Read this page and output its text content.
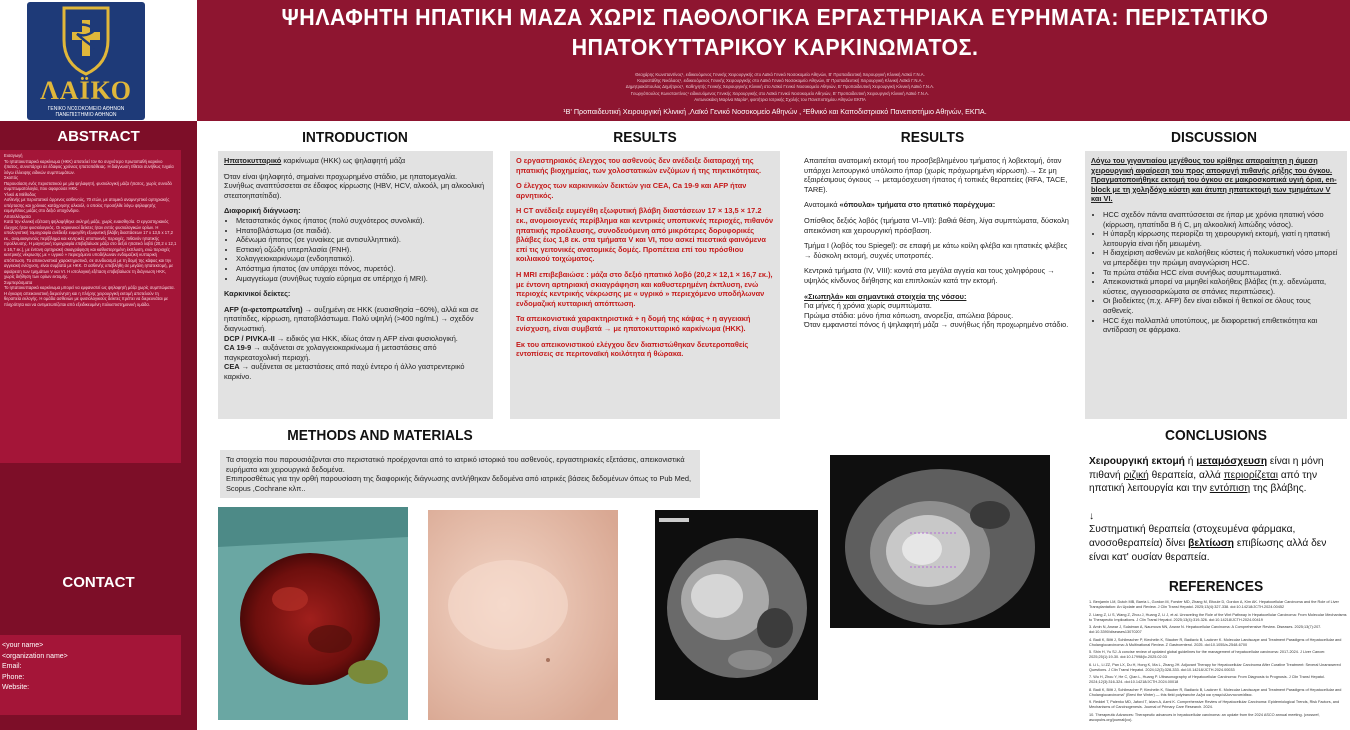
ΛΑΪΚΟ
ΓΕΝΙΚΟ ΝΟΣΟΚΟΜΕΙΟ ΑΘΗΝΩΝ
ΠΑΝΕΠΙΣΤΗΜΙΟ ΑΘΗΝΩΝ
ΨΗΛΑΦΗΤΗ ΗΠΑΤΙΚΗ ΜΑΖΑ ΧΩΡΙΣ ΠΑΘΟΛΟΓΙΚΑ ΕΡΓΑΣΤΗΡΙΑΚΑ ΕΥΡΗΜΑΤΑ: ΠΕΡΙΣΤΑΤΙΚΟ
ΗΠΑΤΟΚΥΤΤΑΡΙΚΟΥ ΚΑΡΚΙΝΩΜΑΤΟΣ.
Θεοχάρης Κωνσταντίνος¹, ειδικευόμενος Γενικής Χειρουργικής στο Λαϊκό Γενικό Νοσοκομείο Αθηνών, Β' Προπαιδευτική Χειρουργική Κλινική Λαϊκό Γ.Ν.Α.
Καραστάθης Νικόλαος¹, ειδικευόμενος Γενικής Χειρουργικής στο Λαϊκό Γενικό Νοσοκομείο Αθηνών, Β' Προπαιδευτική Χειρουργική Κλινική Λαϊκό Γ.Ν.Α.
Δημητρακόπουλος Δημήτριος¹, Καθηγητής Γενικής Χειρουργικής Κλινική στο Λαϊκό Γενικό Νοσοκομείο Αθηνών, Β' Προπαιδευτική Χειρουργική Κλινική Λαϊκό Γ.Ν.Α.
Γεωργόπουλος Κωνσταντίνος¹ ειδικευόμενος Γενικής Χειρουργικής στο Λαϊκό Γενικό Νοσοκομείο Αθηνών, Β' Προπαιδευτική Χειρουργική Κλινική Λαϊκό Γ.Ν.Α.
Αντωνακάκη Μαρίνα Μαρία², φοιτήτρια Ιατρικής Σχολής του Πανεπιστημίου Αθηνών ΕΚΠΑ
¹Β' Προπαιδευτική Χειρουργική Κλινική ,Λαϊκό Γενικό Νοσοκομείο Αθηνών , ²Εθνικό και Καποδιστριακό Πανεπιστήμιο Αθηνών, ΕΚΠΑ.
ABSTRACT
Εισαγωγή
Το ηπατοκυτταρικό καρκίνωμα (ΗΚΚ) αποτελεί τον 6ο συχνότερο πρωτοπαθή καρκίνο ήπατος, συνυπάρχει σε έδαφος χρόνιας ηπατοπάθειας. Η διάγνωση τίθεται συνήθως τυχαία λόγω έλλειψης ειδικών συμπτωμάτων.
Σκοπός
Παρουσίαση ενός περιστατικού με μία ψηλαφητή, φυσιολογική μάζα ήπατος, χωρίς συνοδό συμπτωματολογία, που αφορούσε ΗΚΚ.
Υλικό & Μέθοδος
Ασθενής με περιστατικό άρρενος ασθενούς, 70 ετών, με ατομικό αναμνηστικό αρτηριακής υπέρτασης και χρόνιας κατάχρησης αλκοόλ, ο οποίος προσήλθε λόγω ψηλαφητής ευμεγέθους μάζας στο δεξιό υποχόνδριο.
Αποτελέσματα
Κατά την κλινική εξέταση ψηλαφήθηκε σκληρή μάζα, χωρίς ευαισθησία. Ο εργαστηριακός έλεγχος ήταν φυσιολογικός. Οι καρκινικοί δείκτες ήταν εντός φυσιολογικών ορίων. Η υπολογιστική τομογραφία ανέδειξε ευμεγέθη εξωφυτική βλάβη διαστάσεων 17 x 13,5 x 17,2 εκ., ανομοιογενούς περίβλημα και κεντρικές υποπυκνές περιοχές, πιθανόν ηπατικής προέλευσης. Η μαγνητική τομογραφία επιβεβαίωσε μάζα στο δεξιό ηπατικό λοβό (20,2 x 12,1 x 16,7 εκ.), με έντονη αρτηριακή σκιαγράφηση και καθυστερημένη έκπλυση, ενώ περιοχές κεντρικής νέκρωσης με « υγρικό » περιεχόμενο υποδήλωναν ενδομαζική κυτταρική απόπτωση. Τα απεικονιστικά χαρακτηριστικά, σε συνδυασμό με τη δομή της κάψας και την αγγειακή ενίσχυση, είναι συμβατά με ΗΚΚ. Ο ασθενής υπεβλήθη σε μεγάλη ηπατεκτομή, με αφαίρεση των τμημάτων V και VI. Η ιστολογική εξέταση επιβεβαίωσε τη διάγνωση ΗΚΚ, χωρίς διήθηση των ορίων εκτομής.
Συμπεράσματα
Το ηπατοκυτταρικό καρκίνωμα μπορεί να εμφανιστεί ως ψηλαφητή μάζα χωρίς συμπτώματα. Η έγκαιρη απεικονιστική διερεύνηση και η πλήρης χειρουργική εκτομή αποτελούν τη θεραπεία εκλογής. Η ομάδα ασθενών με φυσιολογικούς δείκτες πρέπει να διερευνάται με πληρότητα και να αντιμετωπίζεται από εξειδικευμένη πολυεπιστημονική ομάδα.
CONTACT
<your name>
<organization name>
Email:
Phone:
Website:
INTRODUCTION

Ηπατοκυτταρικό καρκίνωμα (ΗΚΚ) ως ψηλαφητή μάζα

Όταν είναι ψηλαφητό, σημαίνει προχωρημένο στάδιο, με ηπατομεγαλία. Συνήθως αναπτύσσεται σε έδαφος κίρρωσης (HBV, HCV, αλκοόλ, μη αλκοολική στεατοηπατίτιδα).

Διαφορική διάγνωση:
• Μεταστατικός όγκος ήπατος (πολύ συχνότερος συνολικά).
• Ηπατοβλάστωμα (σε παιδιά).
• Αδένωμα ήπατος (σε γυναίκες με αντισυλληπτικά).
• Εστιακή οζώδη υπερπλασία (FNH).
• Χολαγγειοκαρκίνωμα (ενδοηπατικό).
• Απόστημα ήπατος (αν υπάρχει πόνος, πυρετός).
• Αιμαγγείωμα (συνήθως τυχαίο εύρημα σε υπέρηχο ή MRI).

Καρκινικοί δείκτες:

AFP (α-φετοπρωτεΐνη) → αυξημένη σε ΗΚΚ (ευαισθησία ~60%), αλλά και σε ηπατίτιδες, κίρρωση, ηπατοβλάστωμα. Πολύ υψηλή (>400 ng/mL) → σχεδόν διαγνωστική.
DCP / PIVKA-II → ειδικός για ΗΚΚ, ιδίως όταν η AFP είναι φυσιολογική.
CA 19-9 → αυξάνεται σε χολαγγειοκαρκίνωμα ή μεταστάσεις από παγκρεατοχολική περιοχή.
CEA → αυξάνεται σε μεταστάσεις από παχύ έντερο ή άλλο γαστρεντερικό καρκίνο.
RESULTS

Ο εργαστηριακός έλεγχος του ασθενούς δεν ανέδειξε διαταραχή της ηπατικής βιοχημείας, των χολοστατικών ενζύμων ή της πηκτικότητας.

Ο έλεγχος των καρκινικών δεικτών για CEA, Ca 19-9 και AFP ήταν αρνητικός.

Η CT ανέδειξε ευμεγέθη εξωφυτική βλάβη διαστάσεων 17 × 13,5 × 17.2 εκ., ανομοιογενές περίβλημα και κεντρικές υποπυκνές περιοχές, πιθανόν ηπατικής προέλευσης, συνοδευόμενη από μικρότερες δορυφορικές βλάβες έως 1,8 εκ. στα τμήματα V και VI, που ασκεί πιεστικά φαινόμενα επί τις γειτονικές ανατομικές δομές. Προπέτεια επί του πρόσθιου κοιλιακού τοιχώματος.

Η MRI επιβεβαιώσε : μάζα στο δεξιό ηπατικό λοβό (20,2 × 12,1 × 16,7 εκ.), με έντονη αρτηριακή σκιαγράφηση και καθυστερημένη έκπλυση, ενώ περιοχές κεντρικής νέκρωσης με « υγρικό » περιεχόμενο υποδήλωναν ενδομαζική κυτταρική απόπτωση.

Τα απεικονιστικά χαρακτηριστικά + η δομή της κάψας + η αγγειακή ενίσχυση, είναι συμβατά → με ηπατοκυτταρικό καρκίνωμα (ΗΚΚ).

Εκ του απεικονιστικού ελέγχου δεν διαπιστώθηκαν δευτεροπαθείς εντοπίσεις σε περιτοναϊκή κοιλότητα ή θώρακα.

RESULTS

Απαιτείται ανατομική εκτομή του προσβεβλημένου τμήματος ή λοβεκτομή, όταν υπάρχει λειτουργικό υπόλοιπο ήπαρ (χωρίς πρόχωρημένη κίρρωση).→ Σε μη εξαιρέσιμους όγκους → μεταμόσχευση ήπατος ή τοπικές θεραπείες (RFA, TACE, TARE).

Ανατομικά «όπουλα» τμήματα στο ηπατικό παρέγχυμα:

Οπίσθιος δεξιός λοβός (τμήματα VI–VII): βαθιά θέση, λίγα συμπτώματα, δύσκολη απεικόνιση και χειρουργική πρόσβαση.

Τμήμα I (λοβός του Spiegel): σε επαφή με κάτω κοίλη φλέβα και ηπατικές φλέβες → δύσκολη εκτομή, συχνές υποτροπές.

Κεντρικά τμήματα (IV, VIII): κοντά στα μεγάλα αγγεία και τους χοληφόρους → υψηλός κίνδυνος διήθησης και επιπλοκών κατά την εκτομή.

«Σιωπηλά» και σημαντικά στοιχεία της νόσου:
Για μήνες ή χρόνια χωρίς συμπτώματα.
Πρώιμα στάδια: μόνο ήπια κόπωση, ανορεξία, απώλεια βάρους.
Όταν εμφανιστεί πόνος ή ψηλαφητή μάζα → συνήθως ήδη προχωρημένο στάδιο.
DISCUSSION

Λόγω του γιγαντιαίου μεγέθους του κρίθηκε απαραίτητη η άμεση χειρουργική αφαίρεση του προς αποφυγή πιθανής ρήξης του όγκου. Πραγματοποιήθηκε εκτομή του όγκου σε μακροσκοπικά υγιή όρια, en-block με τη χοληδόχο κύστη και άτυπη ηπατεκτομή των τμημάτων V και VI.

• HCC σχεδόν πάντα αναπτύσσεται σε ήπαρ με χρόνια ηπατική νόσο (κίρρωση, ηπατίτιδα B ή C, μη αλκοολική λιπώδης νόσος).
• Η ύπαρξη κίρρωσης περιορίζει τη χειρουργική εκτομή, γιατί η ηπατική λειτουργία είναι ήδη μειωμένη.
• Η διαχείριση ασθενών με καλοήθεις κύστεις ή πολυκυστική νόσο μπορεί να μπερδέψει την πρώιμη αναγνώριση HCC.
• Τα πρώτα στάδια HCC είναι συνήθως ασυμπτωματικά.
• Απεικονιστικά μπορεί να μιμηθεί καλοήθεις βλάβες (π.χ. αδενώματα, κύστεις, αγγειοσαρκώματα σε σπάνιες περιπτώσεις).
• Οι βιοδείκτες (π.χ. AFP) δεν είναι ειδικοί ή θετικοί σε όλους τους ασθενείς.
• HCC έχει πολλαπλά υποτύπους, με διαφορετική επιθετικότητα και αντίδραση σε φάρμακα.
METHODS AND MATERIALS
Τα στοιχεία που παρουσιάζονται στο περιστατικό προέρχονται από το ιατρικό ιστορικό του ασθενούς, εργαστηριακές εξετάσεις, απεικονιστικά ευρήματα και χειρουργικά δεδομένα.
Επιπροσθέτως για την ορθή παρουσίαση της διαφορικής διάγνωσης αντλήθηκαν δεδομένα από ιατρικές βάσεις δεδομένων όπως το Pub Med, Scopus ,Cochrane κλπ..
CONCLUSIONS
Χειρουργική εκτομή ή μεταμόσχευση είναι η μόνη πιθανή ριζική θεραπεία, αλλά περιορίζεται από την ηπατική λειτουργία και την εντόπιση της βλάβης.
↓
Συστηματική θεραπεία (στοχευμένα φάρμακα, ανοσοθεραπεία) δίνει βελτίωση επιβίωσης αλλά δεν είναι κατ' ουσίαν θεραπεία.
REFERENCES
1. Benjamin LM, Dutch MB, Barria L, Gordon M, Forster MD, Zhang M, Eitoule D, Gordon A, Kim AK. Hepatocellular Carcinoma and the Role of Liver Transplantation: An Update and Review. J Clin Transl Hepatol. 2025;13(4):327-338. doi:10.14218/JCTH.2024.00452
2. Liang Z, Li S, Wang Z, Zhou J, Huang Z, Li J, et al. Unraveling the Role of the Wnt Pathway in Hepatocellular Carcinoma: From Molecular Mechanisms to Therapeutic Implications. J Clin Transl Hepatol. 2025;13(4):319-326. doi:10.14218/JCTH.2024.00419
3. Amin N, Anwar J, Sulaiman A, Naumova NN, Anwar N. Hepatocellular Carcinoma: A Comprehensive Review. Diseases. 2025;13(7):207. doi:10.3390/diseases13070207
4. Badi K, Biltt J, Schilmacher P, Kiechelin K, Stauber R, Badiavic B, Lackner K. Molecular Landscape and Treatment Paradigms of Hepatocellular and Cholangiocarcinoma: A Multinational Review. Z Gastroenterol. 2025. doi:10.1055/a-2548-6700
5. Shin H, Yu SJ. A concise review of updated global guidelines for the management of hepatocellular carcinoma: 2017-2024. J Liver Cancer. 2025;25(1):19-30. doi:10.17998/jlc.2025.02.03
6. Li L, Li ZZ, Pan LX, Du H, Hong K, Ma L, Zhang JH. Adjuvant Therapy for Hepatocellular Carcinoma After Curative Treatment: Several Unanswered Questions. J Clin Transl Hepatol. 2024;12(3):328-333. doi:10.14218/JCTH.2024.00033
7. Wu H, Zhou Y, He C, Qian L, Huang P. Ultrasonography of Hepatocellular Carcinoma: From Diagnosis to Prognosis. J Clin Transl Hepatol. 2024;12(3):316-324. doi:10.14218/JCTH.2024.00018
8. Badi K, Biltt J, Schilmacher P, Kiechelin K, Stauber R, Badiavic B, Lackner K. Molecular Landscape and Treatment Paradigms of Hepatocellular and Cholangiocarcinoma" (Brevi the Wnter) — this field polytranche Δεξιά και ηπαρ/αλλαντονοπάθεια.
9. Reddel T, Palenko MD, Jaford T, Izlam A, Azmi K. Comprehensive Review of Hepatocellular Carcinoma: Epidemiological Trends, Risk Factors, and Mechanisms of Carcinogenesis. Journal of Primary Care Research. 2024.
10. Therapeutic Advances: Therapeutic advances in hepatocellular carcinoma: an update from the 2024 ASCO annual meeting. (crossref, ascopubs.org/journal/jco).
